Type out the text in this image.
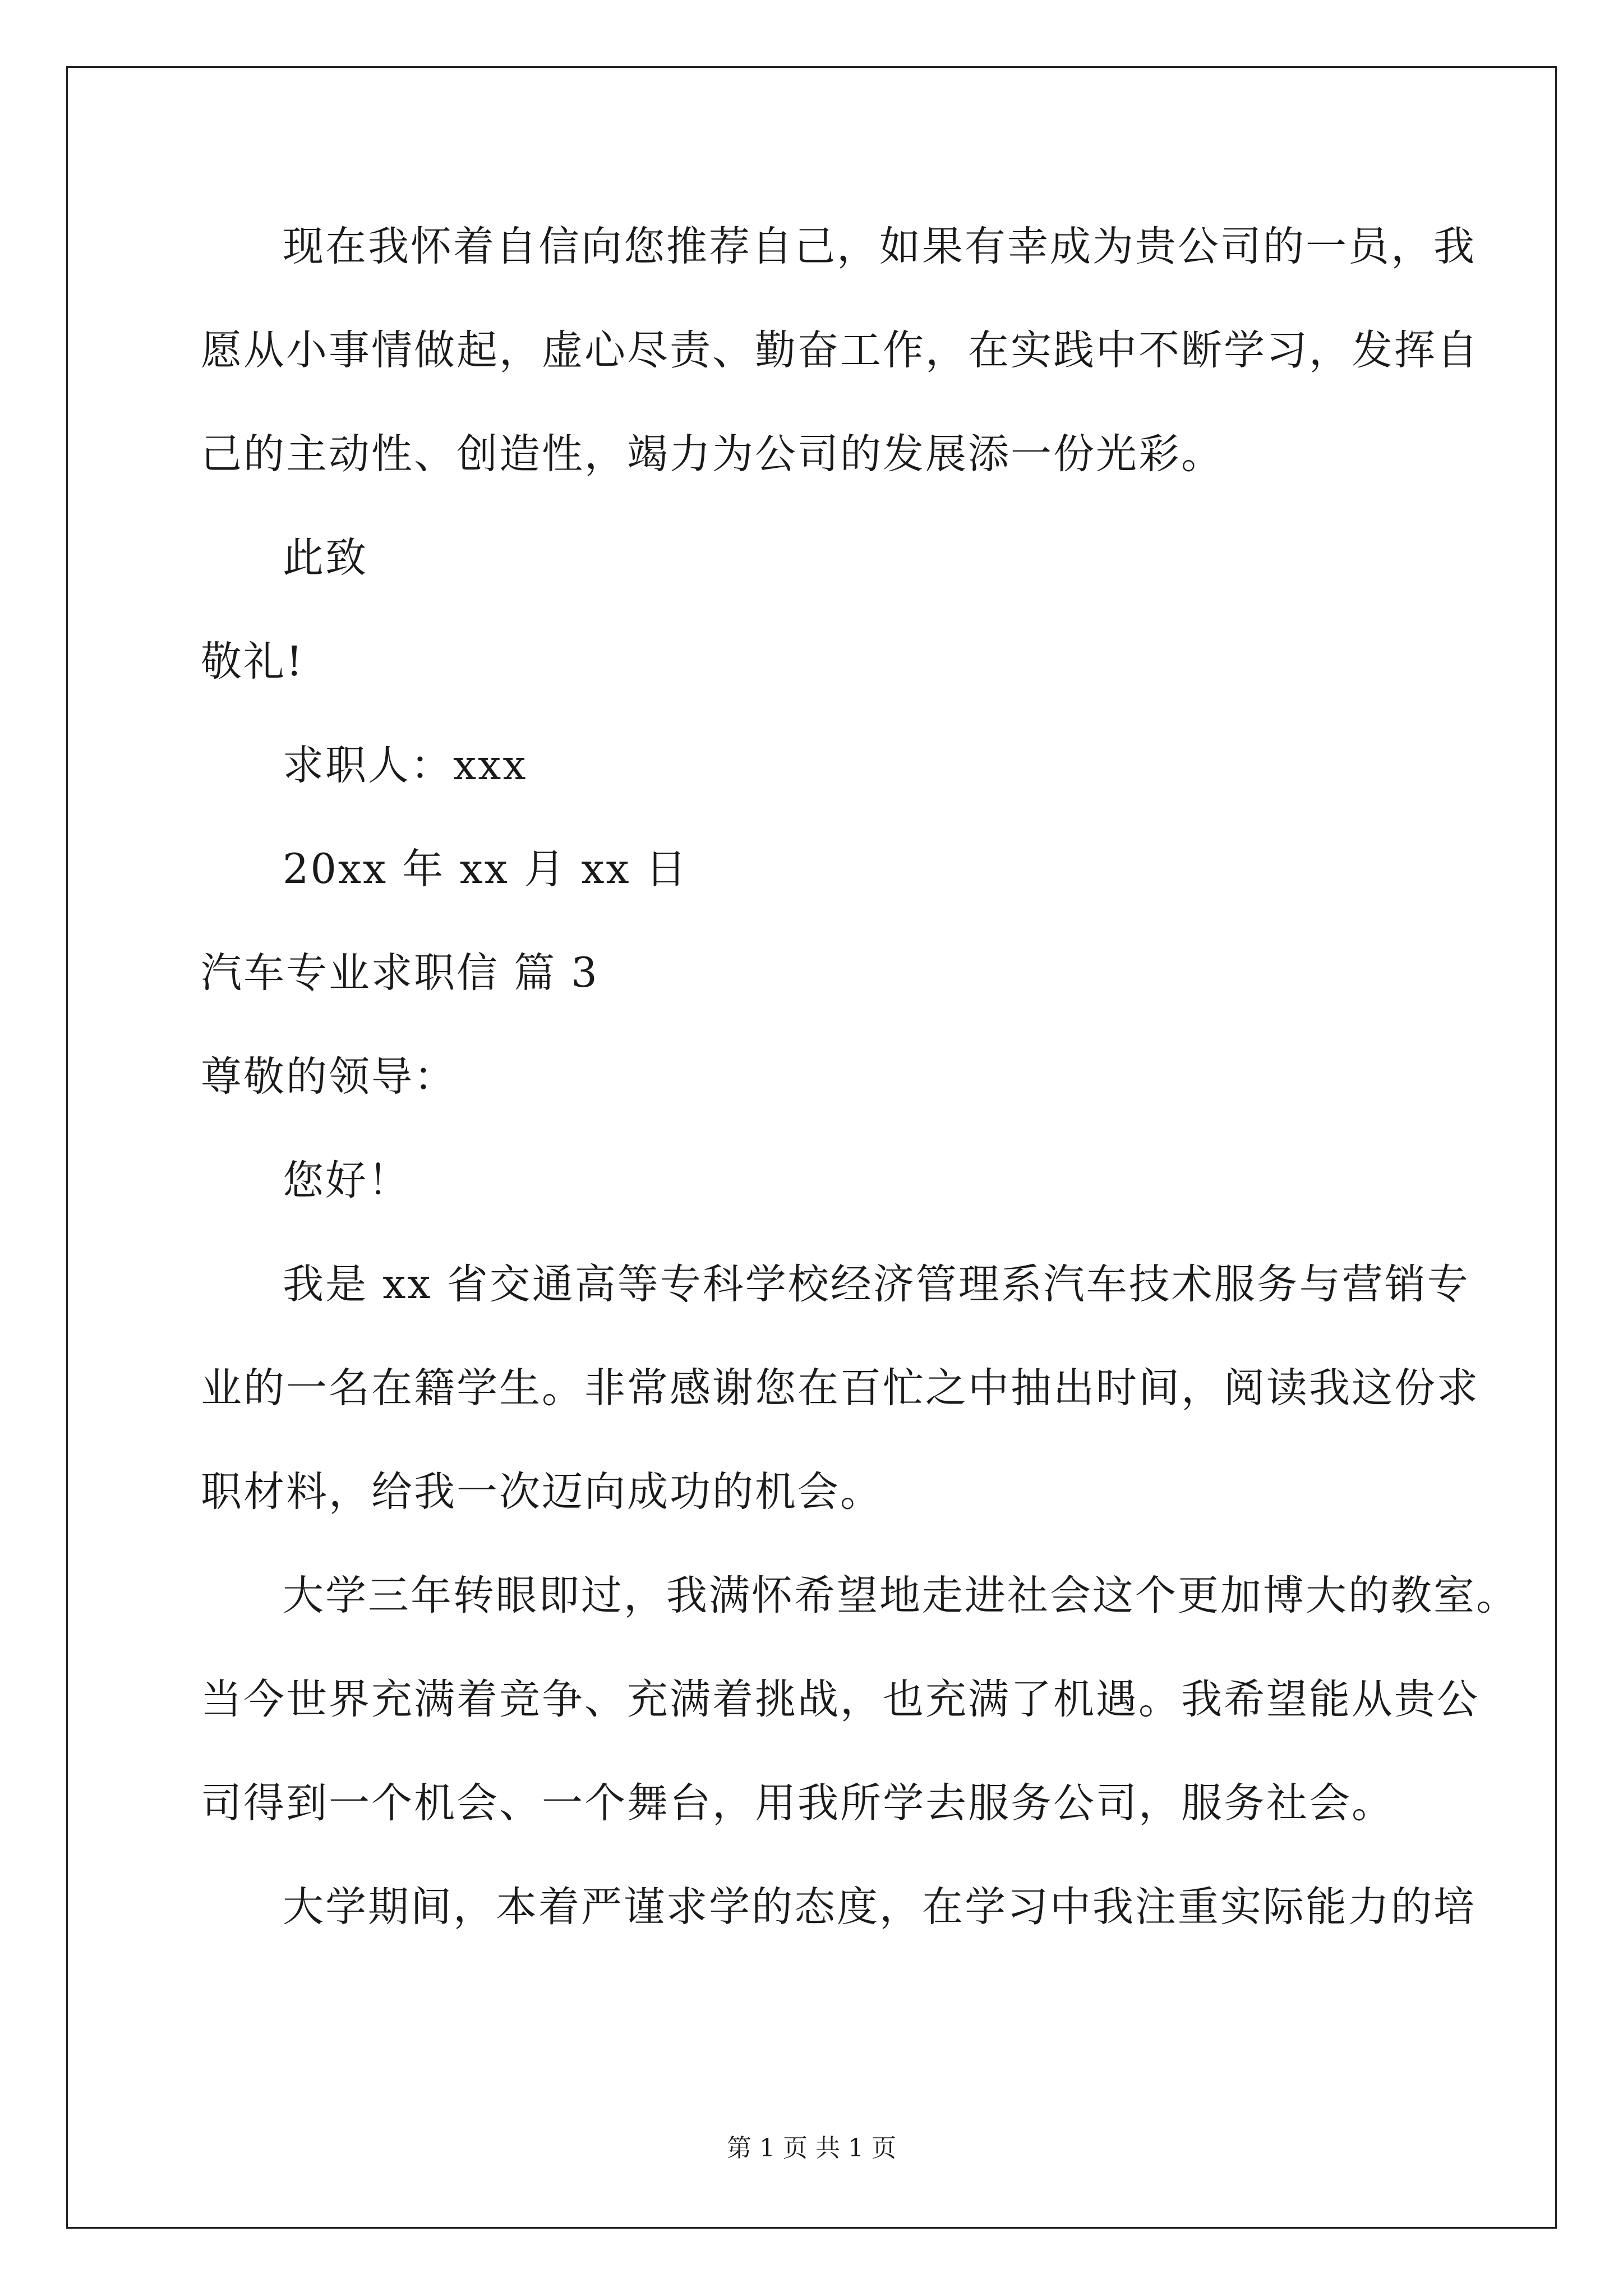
现在我怀着自信向您推荐自己，如果有幸成为贵公司的一员，我
愿从小事情做起，虚心尽责、勤奋工作，在实践中不断学习，发挥自
己的主动性、创造性，竭力为公司的发展添一份光彩。
此致
敬礼!
求职人：xxx
20xx 年 xx 月 xx 日
汽车专业求职信 篇 3
尊敬的领导：
您好！
我是 xx 省交通高等专科学校经济管理系汽车技术服务与营销专
业的一名在籍学生。非常感谢您在百忙之中抽出时间，阅读我这份求
职材料，给我一次迈向成功的机会。
大学三年转眼即过，我满怀希望地走进社会这个更加博大的教室。
当今世界充满着竞争、充满着挑战，也充满了机遇。我希望能从贵公
司得到一个机会、一个舞台，用我所学去服务公司，服务社会。
大学期间，本着严谨求学的态度，在学习中我注重实际能力的培
第 1 页 共 1 页
